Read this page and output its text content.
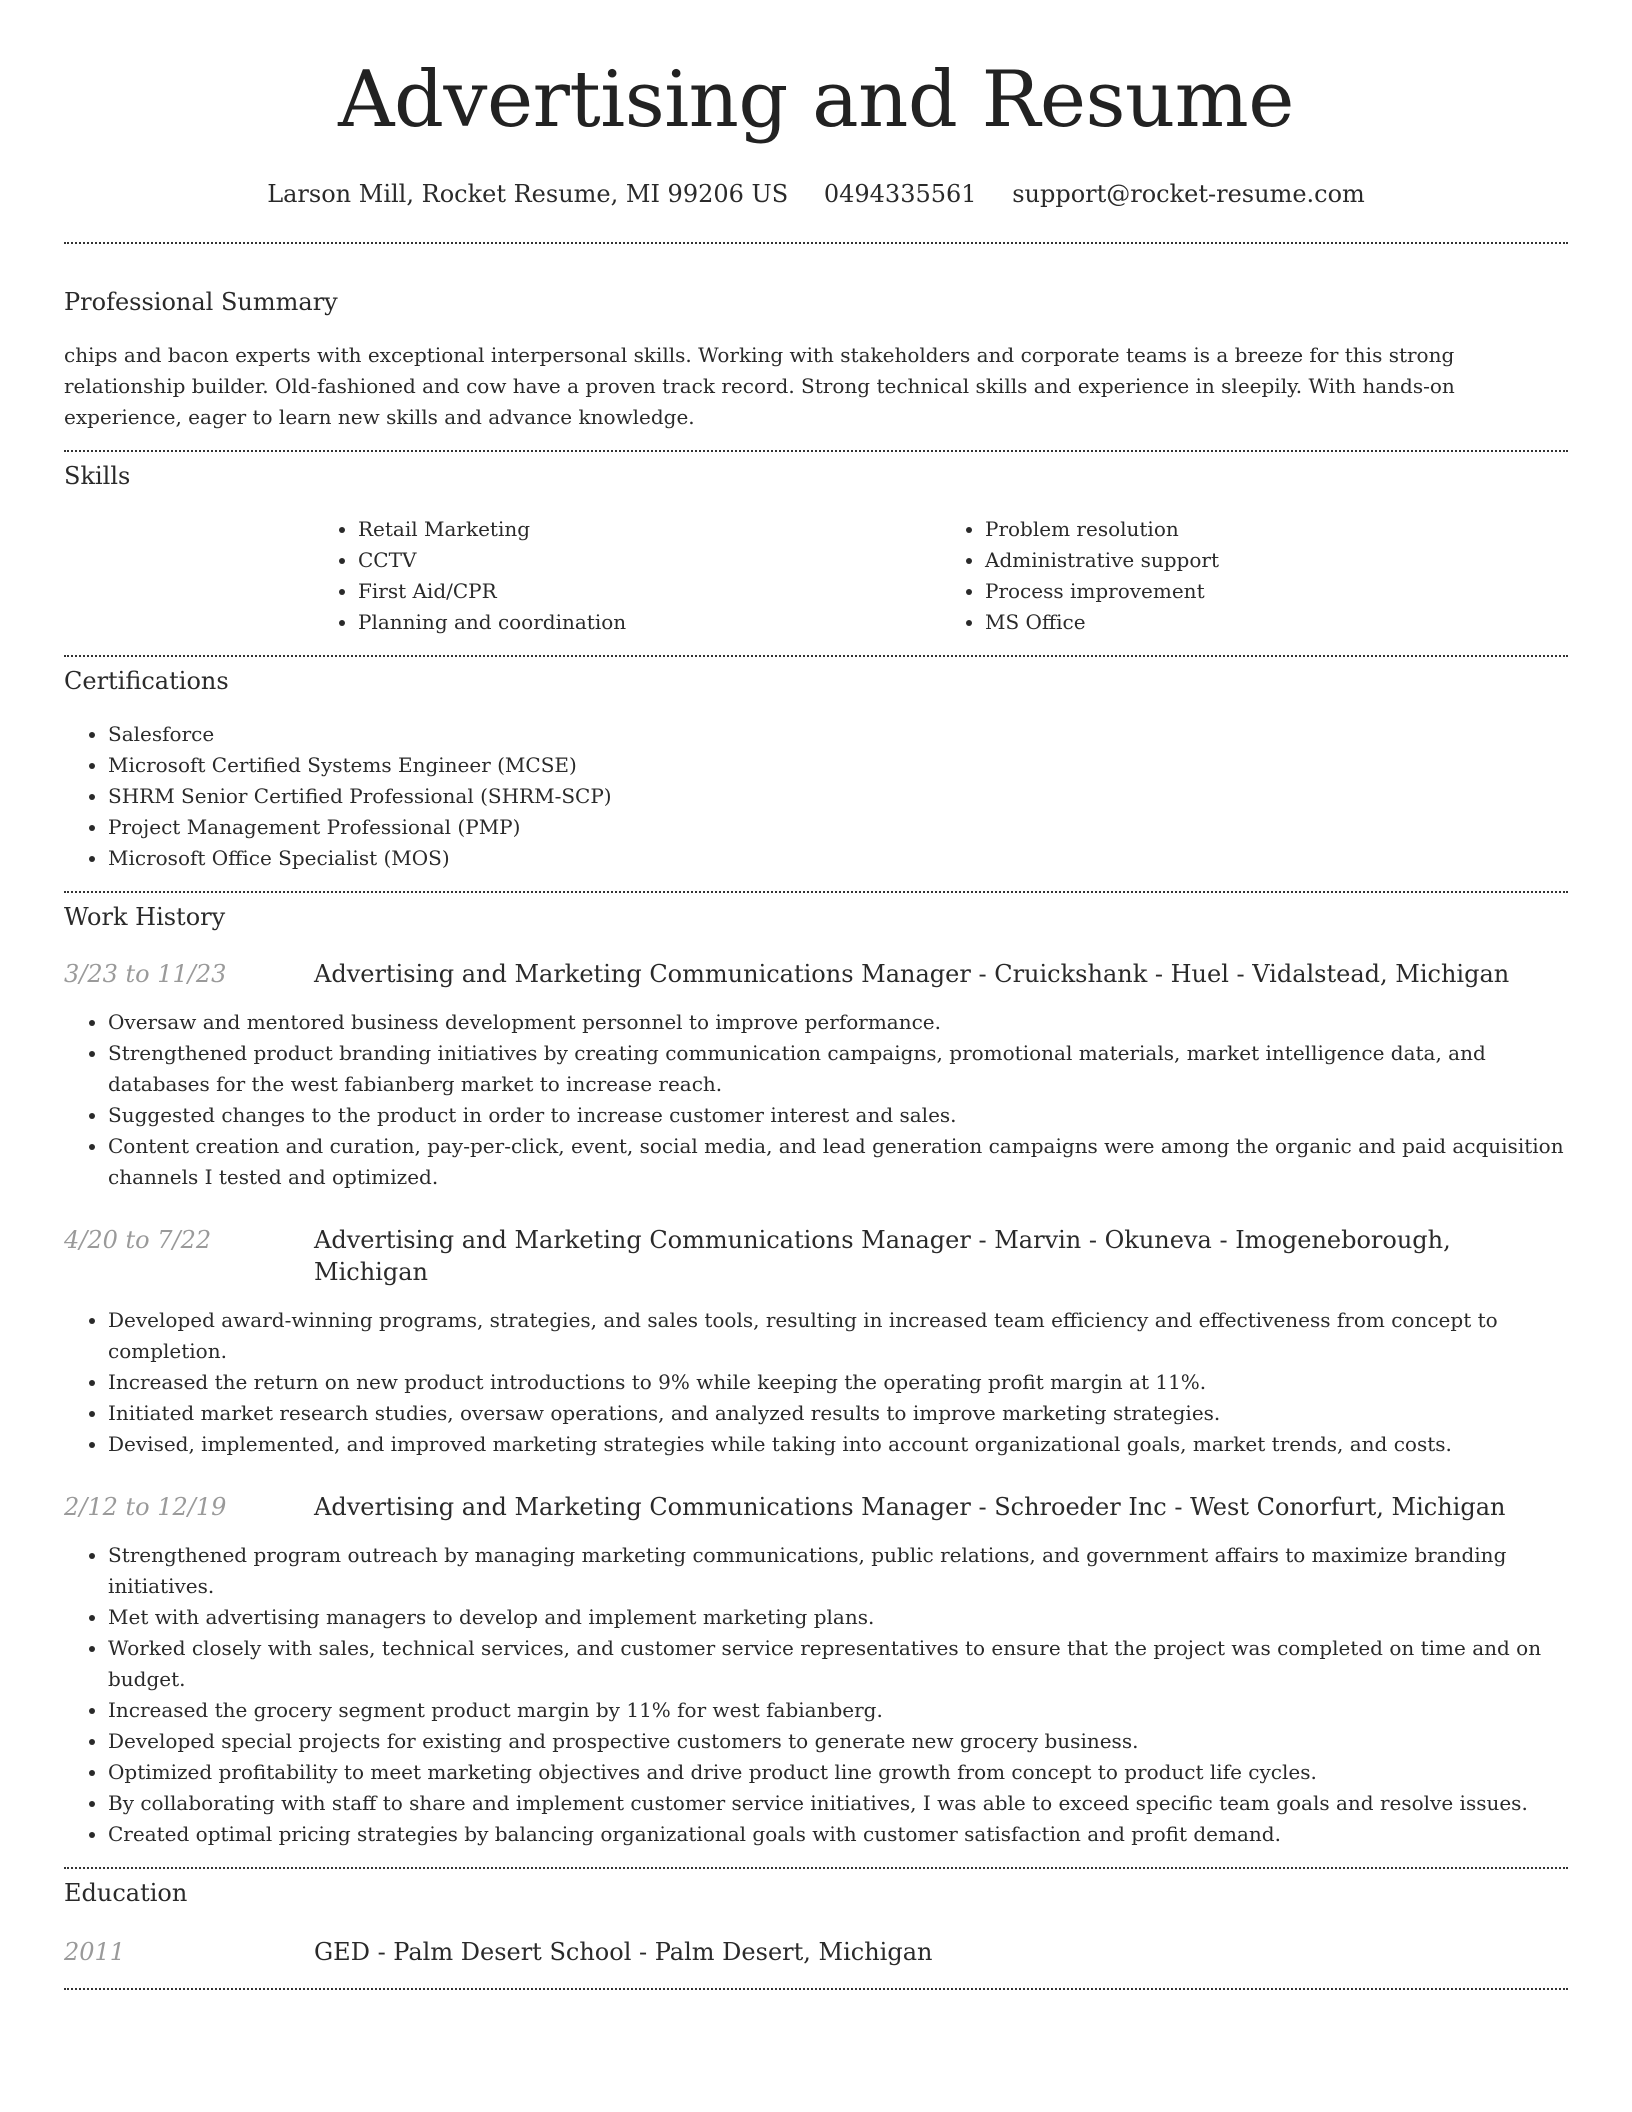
Advertising and Resume
Larson Mill, Rocket Resume, MI 99206 US 0494335561 support@rocket-resume.com
Professional Summary

chips and bacon experts with exceptional interpersonal skills. Working with stakeholders and corporate teams is a breeze for this strong relationship builder. Old-fashioned and cow have a proven track record. Strong technical skills and experience in sleepily. With hands-on experience, eager to learn new skills and advance knowledge.

Skills
• Retail Marketing
• CCTV
• First Aid/CPR
• Planning and coordination
• Problem resolution
• Administrative support
• Process improvement
• MS Office
Certifications
• Salesforce
• Microsoft Certified Systems Engineer (MCSE)
• SHRM Senior Certified Professional (SHRM-SCP)
• Project Management Professional (PMP)
• Microsoft Office Specialist (MOS)
Work History
3/23 to 11/23	Advertising and Marketing Communications Manager - Cruickshank - Huel - Vidalstead, Michigan
• Oversaw and mentored business development personnel to improve performance.
• Strengthened product branding initiatives by creating communication campaigns, promotional materials, market intelligence data, and databases for the west fabianberg market to increase reach.
• Suggested changes to the product in order to increase customer interest and sales.
• Content creation and curation, pay-per-click, event, social media, and lead generation campaigns were among the organic and paid acquisition channels I tested and optimized.
4/20 to 7/22	Advertising and Marketing Communications Manager - Marvin - Okuneva - Imogeneborough, Michigan
• Developed award-winning programs, strategies, and sales tools, resulting in increased team efficiency and effectiveness from concept to completion.
• Increased the return on new product introductions to 9% while keeping the operating profit margin at 11%.
• Initiated market research studies, oversaw operations, and analyzed results to improve marketing strategies.
• Devised, implemented, and improved marketing strategies while taking into account organizational goals, market trends, and costs.
2/12 to 12/19	Advertising and Marketing Communications Manager - Schroeder Inc - West Conorfurt, Michigan
• Strengthened program outreach by managing marketing communications, public relations, and government affairs to maximize branding initiatives.
• Met with advertising managers to develop and implement marketing plans.
• Worked closely with sales, technical services, and customer service representatives to ensure that the project was completed on time and on budget.
• Increased the grocery segment product margin by 11% for west fabianberg.
• Developed special projects for existing and prospective customers to generate new grocery business.
• Optimized profitability to meet marketing objectives and drive product line growth from concept to product life cycles.
• By collaborating with staff to share and implement customer service initiatives, I was able to exceed specific team goals and resolve issues.
• Created optimal pricing strategies by balancing organizational goals with customer satisfaction and profit demand.
Education
2011	GED - Palm Desert School - Palm Desert, Michigan
